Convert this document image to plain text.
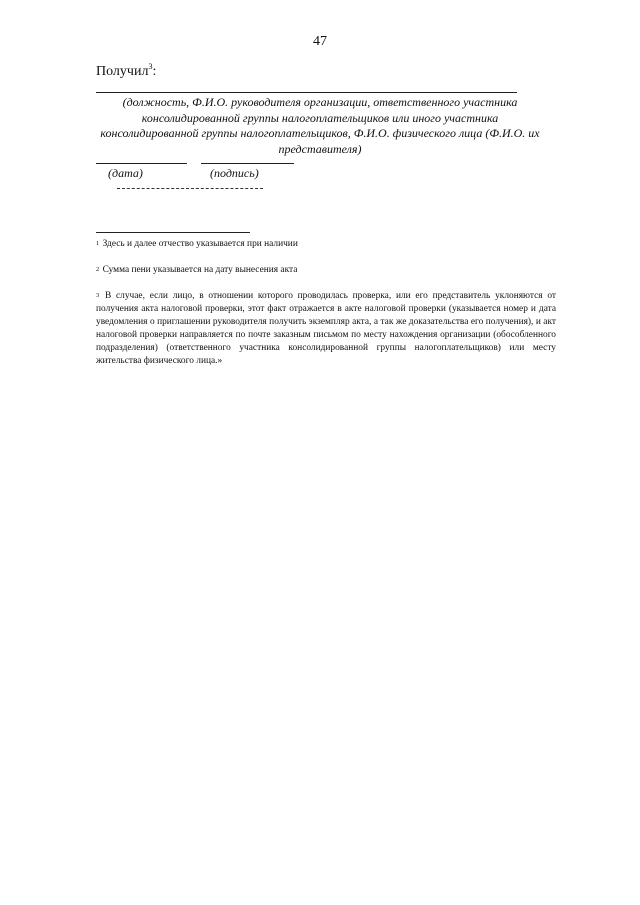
47
Получил$^3$:
(должность, Ф.И.О. руководителя организации, ответственного участника консолидированной группы налогоплательщиков или иного участника консолидированной группы налогоплательщиков, Ф.И.О. физического лица (Ф.И.О. их представителя)
(дата)	(подпись)
$^1$ Здесь и далее отчество указывается при наличии
$^2$ Сумма пени указывается на дату вынесения акта
$^3$ В случае, если лицо, в отношении которого проводилась проверка, или его представитель уклоняются от получения акта налоговой проверки, этот факт отражается в акте налоговой проверки (указывается номер и дата уведомления о приглашении руководителя получить экземпляр акта, а так же доказательства его получения), и акт налоговой проверки направляется по почте заказным письмом по месту нахождения организации (обособленного подразделения) (ответственного участника консолидированной группы налогоплательщиков) или месту жительства физического лица.»
